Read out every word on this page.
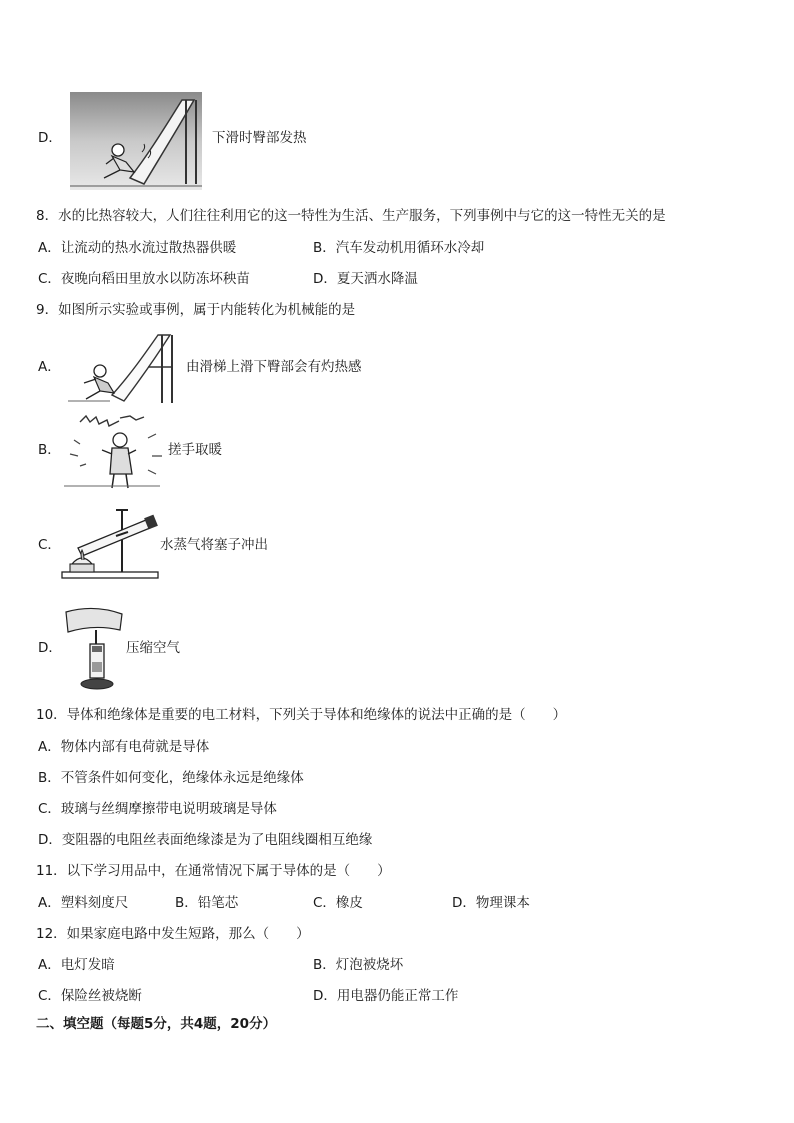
D．	下滑时臀部发热
8．水的比热容较大，人们往往利用它的这一特性为生活、生产服务，下列事例中与它的这一特性无关的是
A．让流动的热水流过散热器供暖	B．汽车发动机用循环水冷却
C．夜晚向稻田里放水以防冻坏秧苗	D．夏天洒水降温
9．如图所示实验或事例，属于内能转化为机械能的是
A．	由滑梯上滑下臀部会有灼热感
B．	搓手取暖
C．	水蒸气将塞子冲出
D．	压缩空气
10．导体和绝缘体是重要的电工材料，下列关于导体和绝缘体的说法中正确的是（　　）
A．物体内部有电荷就是导体
B．不管条件如何变化，绝缘体永远是绝缘体
C．玻璃与丝绸摩擦带电说明玻璃是导体
D．变阻器的电阻丝表面绝缘漆是为了电阻线圈相互绝缘
11．以下学习用品中，在通常情况下属于导体的是（　　）
A．塑料刻度尺	B．铅笔芯	C．橡皮	D．物理课本
12．如果家庭电路中发生短路，那么（　　）
A．电灯发暗	B．灯泡被烧坏
C．保险丝被烧断	D．用电器仍能正常工作
二、填空题（每题5分，共4题，20分）
